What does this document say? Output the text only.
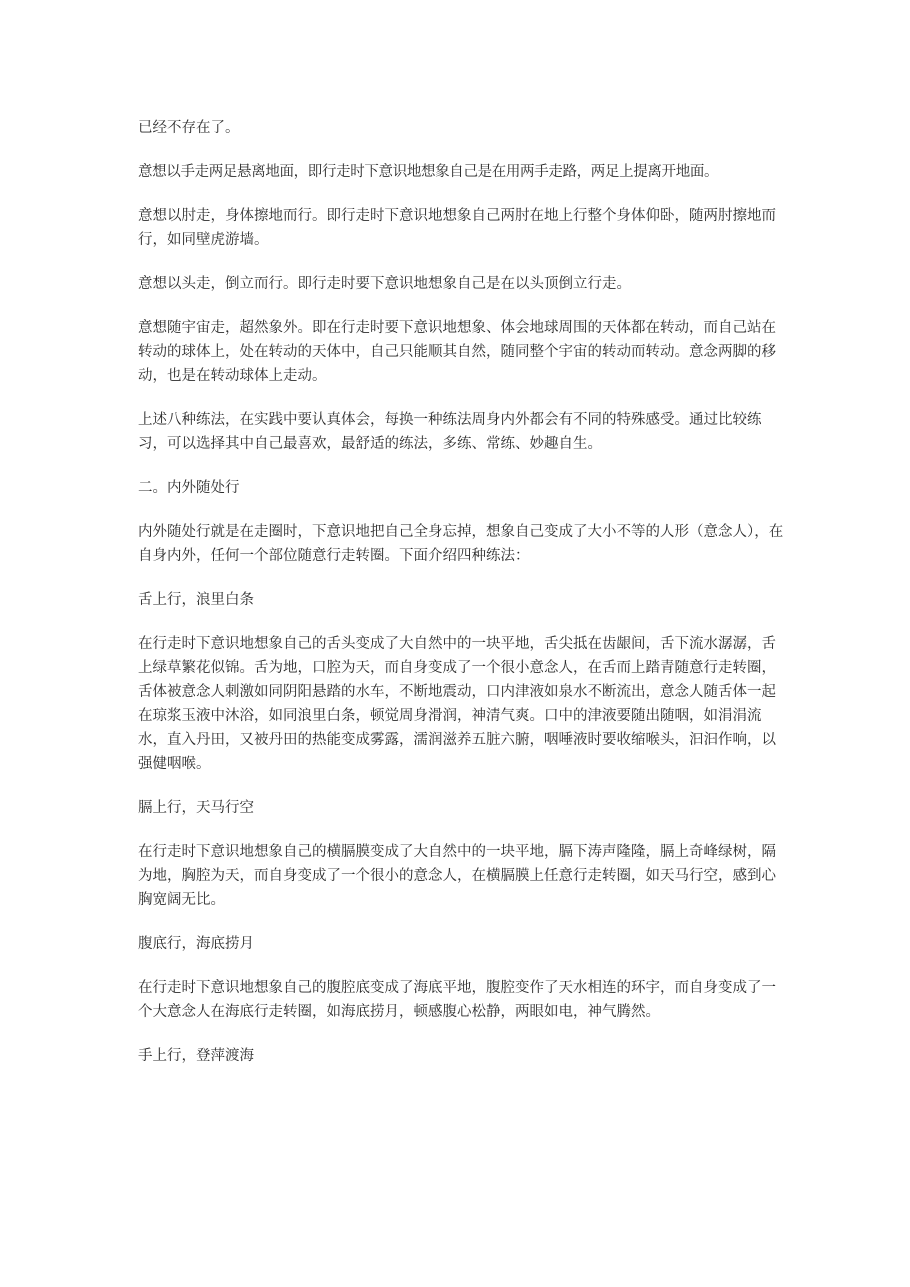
已经不存在了。

意想以手走两足悬离地面，即行走时下意识地想象自己是在用两手走路，两足上提离开地面。

意想以肘走，身体擦地而行。即行走时下意识地想象自己两肘在地上行整个身体仰卧，随两肘擦地而行，如同壁虎游墙。

意想以头走，倒立而行。即行走时要下意识地想象自己是在以头顶倒立行走。

意想随宇宙走，超然象外。即在行走时要下意识地想象、体会地球周围的天体都在转动，而自己站在转动的球体上，处在转动的天体中，自己只能顺其自然，随同整个宇宙的转动而转动。意念两脚的移动，也是在转动球体上走动。

上述八种练法，在实践中要认真体会，每换一种练法周身内外都会有不同的特殊感受。通过比较练习，可以选择其中自己最喜欢，最舒适的练法，多练、常练、妙趣自生。

二。内外随处行

内外随处行就是在走圈时，下意识地把自己全身忘掉，想象自己变成了大小不等的人形（意念人），在自身内外，任何一个部位随意行走转圈。下面介绍四种练法：

舌上行，浪里白条

在行走时下意识地想象自己的舌头变成了大自然中的一块平地，舌尖抵在齿龈间，舌下流水潺潺，舌上绿草繁花似锦。舌为地，口腔为天，而自身变成了一个很小意念人，在舌而上踏青随意行走转圈，舌体被意念人刺激如同阴阳悬踏的水车，不断地震动，口内津液如泉水不断流出，意念人随舌体一起在琼浆玉液中沐浴，如同浪里白条，顿觉周身滑润，神清气爽。口中的津液要随出随咽，如涓涓流水，直入丹田，又被丹田的热能变成雾露，濡润滋养五脏六腑，咽唾液时要收缩喉头，汩汩作响，以强健咽喉。

膈上行，天马行空

在行走时下意识地想象自己的横膈膜变成了大自然中的一块平地，膈下涛声隆隆，膈上奇峰绿树，隔为地，胸腔为天，而自身变成了一个很小的意念人，在横膈膜上任意行走转圈，如天马行空，感到心胸宽阔无比。

腹底行，海底捞月

在行走时下意识地想象自己的腹腔底变成了海底平地，腹腔变作了天水相连的环宇，而自身变成了一个大意念人在海底行走转圈，如海底捞月，顿感腹心松静，两眼如电，神气腾然。

手上行，登萍渡海
